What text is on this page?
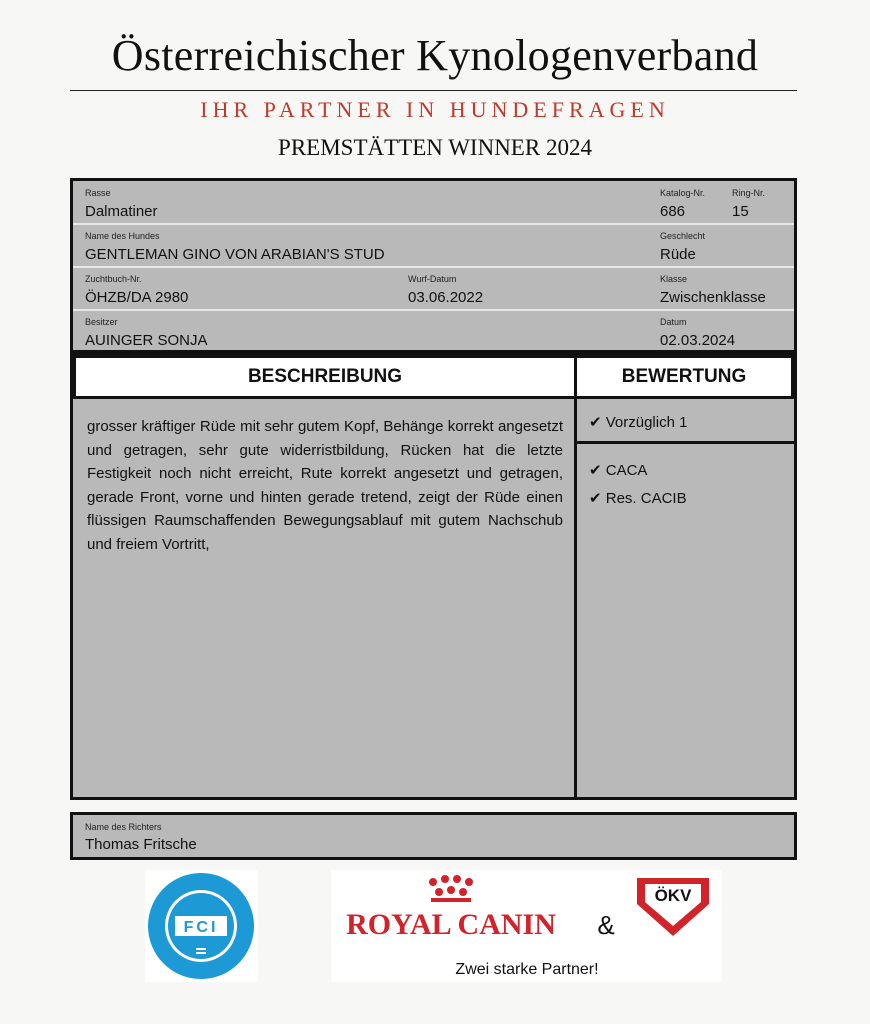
Österreichischer Kynologenverband
IHR PARTNER IN HUNDEFRAGEN
PREMSTÄTTEN WINNER 2024
Rasse
Dalmatiner
Katalog-Nr.
686
Ring-Nr.
15
Name des Hundes
GENTLEMAN GINO VON ARABIAN'S STUD
Geschlecht
Rüde
Zuchtbuch-Nr.
ÖHZB/DA 2980
Wurf-Datum
03.06.2022
Klasse
Zwischenklasse
Besitzer
AUINGER SONJA
Datum
02.03.2024
BESCHREIBUNG	BEWERTUNG
grosser kräftiger Rüde mit sehr gutem Kopf, Behänge korrekt angesetzt und getragen, sehr gute widerristbildung, Rücken hat die letzte Festigkeit noch nicht erreicht, Rute korrekt angesetzt und getragen, gerade Front, vorne und hinten gerade tretend, zeigt der Rüde einen flüssigen Raumschaffenden Bewegungsablauf mit gutem Nachschub und freiem Vortritt,
✔ Vorzüglich 1
✔ CACA
✔ Res. CACIB
Name des Richters
Thomas Fritsche
FCI	ROYAL CANIN &
ÖKV
Zwei starke Partner!
